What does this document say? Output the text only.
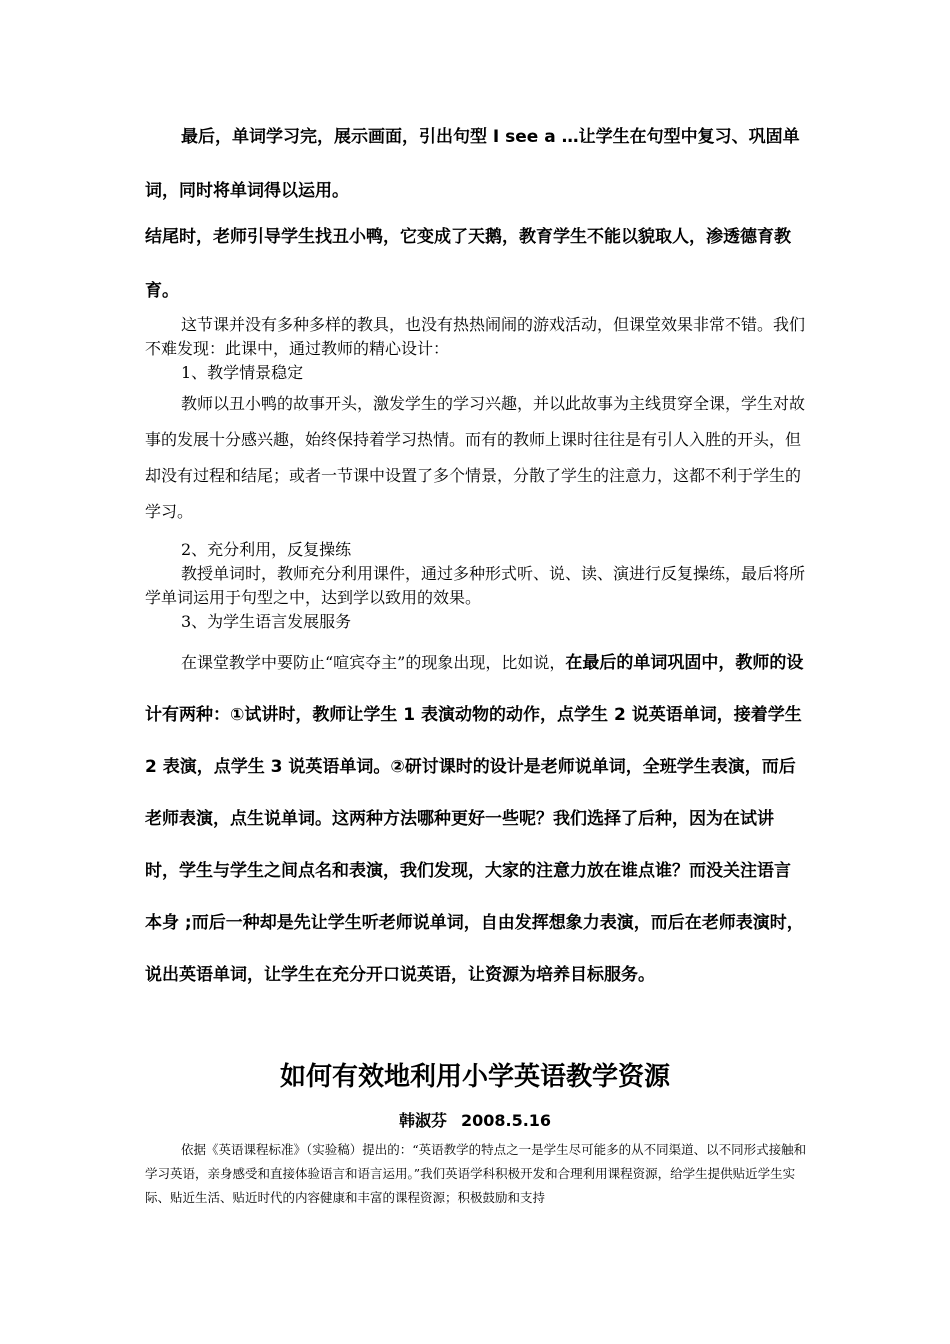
最后，单词学习完，展示画面，引出句型 I see a …让学生在句型中复习、巩固单词，同时将单词得以运用。

结尾时，老师引导学生找丑小鸭，它变成了天鹅，教育学生不能以貌取人，渗透德育教育。

这节课并没有多种多样的教具，也没有热热闹闹的游戏活动，但课堂效果非常不错。我们不难发现：此课中，通过教师的精心设计：

1、教学情景稳定

教师以丑小鸭的故事开头，激发学生的学习兴趣，并以此故事为主线贯穿全课，学生对故事的发展十分感兴趣，始终保持着学习热情。而有的教师上课时往往是有引人入胜的开头，但却没有过程和结尾；或者一节课中设置了多个情景，分散了学生的注意力，这都不利于学生的学习。

2、充分利用，反复操练

教授单词时，教师充分利用课件，通过多种形式听、说、读、演进行反复操练，最后将所学单词运用于句型之中，达到学以致用的效果。

3、为学生语言发展服务

在课堂教学中要防止“喧宾夺主”的现象出现，比如说，在最后的单词巩固中，教师的设计有两种：①试讲时，教师让学生 1 表演动物的动作，点学生 2 说英语单词，接着学生 2 表演，点学生 3 说英语单词。②研讨课时的设计是老师说单词，全班学生表演，而后老师表演，点生说单词。这两种方法哪种更好一些呢？我们选择了后种，因为在试讲时，学生与学生之间点名和表演，我们发现，大家的注意力放在谁点谁？而没关注语言本身 ;而后一种却是先让学生听老师说单词，自由发挥想象力表演，而后在老师表演时，说出英语单词，让学生在充分开口说英语，让资源为培养目标服务。

如何有效地利用小学英语教学资源

韩淑芬 2008.5.16

依据《英语课程标准》（实验稿）提出的：“英语教学的特点之一是学生尽可能多的从不同渠道、以不同形式接触和学习英语，亲身感受和直接体验语言和语言运用。”我们英语学科积极开发和合理利用课程资源，给学生提供贴近学生实际、贴近生活、贴近时代的内容健康和丰富的课程资源；积极鼓励和支持
